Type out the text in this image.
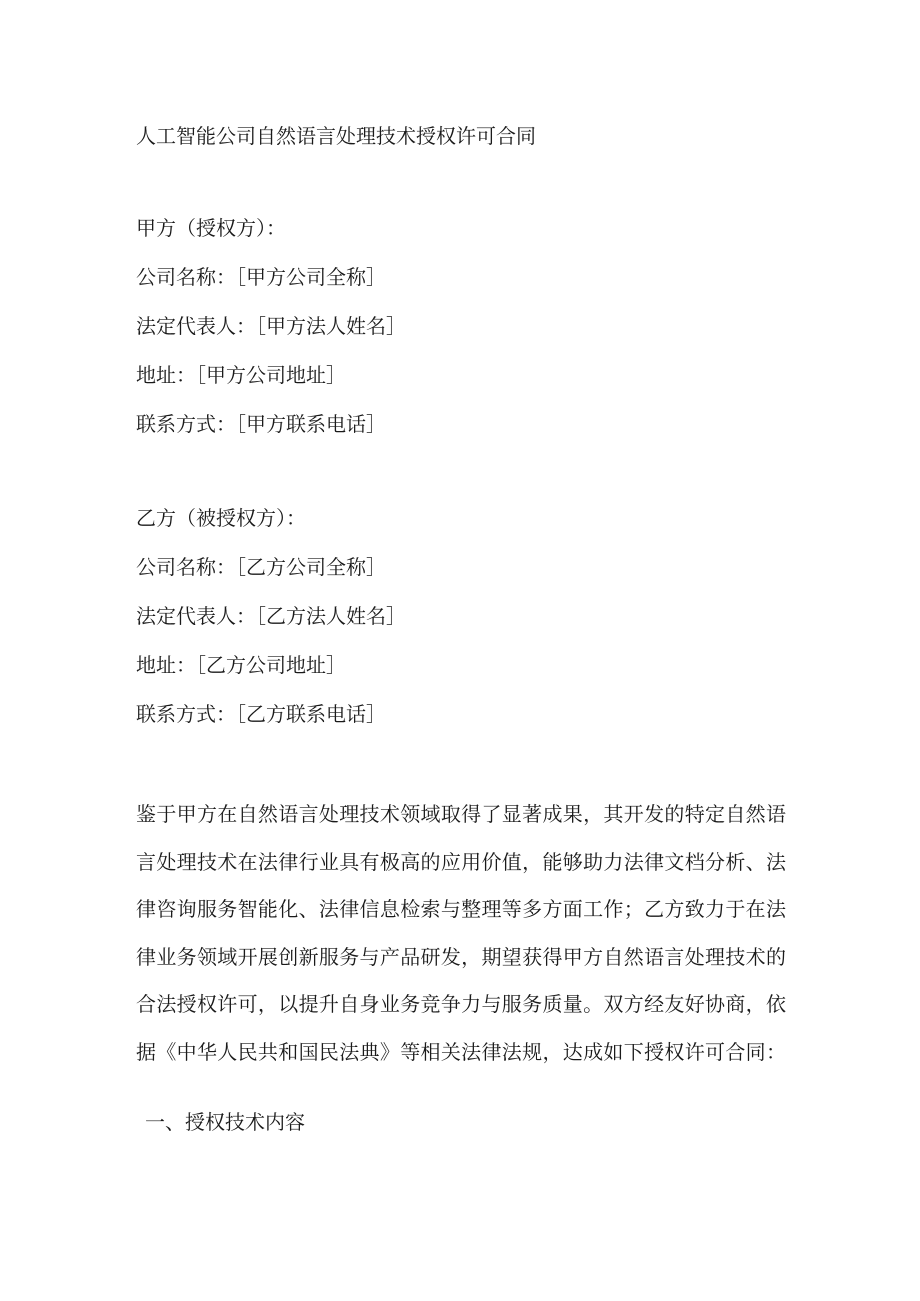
人工智能公司自然语言处理技术授权许可合同
甲方（授权方）：
公司名称：［甲方公司全称］
法定代表人：［甲方法人姓名］
地址：［甲方公司地址］
联系方式：［甲方联系电话］
乙方（被授权方）：
公司名称：［乙方公司全称］
法定代表人：［乙方法人姓名］
地址：［乙方公司地址］
联系方式：［乙方联系电话］
鉴于甲方在自然语言处理技术领域取得了显著成果，其开发的特定自然语
言处理技术在法律行业具有极高的应用价值，能够助力法律文档分析、法
律咨询服务智能化、法律信息检索与整理等多方面工作；乙方致力于在法
律业务领域开展创新服务与产品研发，期望获得甲方自然语言处理技术的
合法授权许可，以提升自身业务竞争力与服务质量。双方经友好协商，依
据《中华人民共和国民法典》等相关法律法规，达成如下授权许可合同：
一、授权技术内容
